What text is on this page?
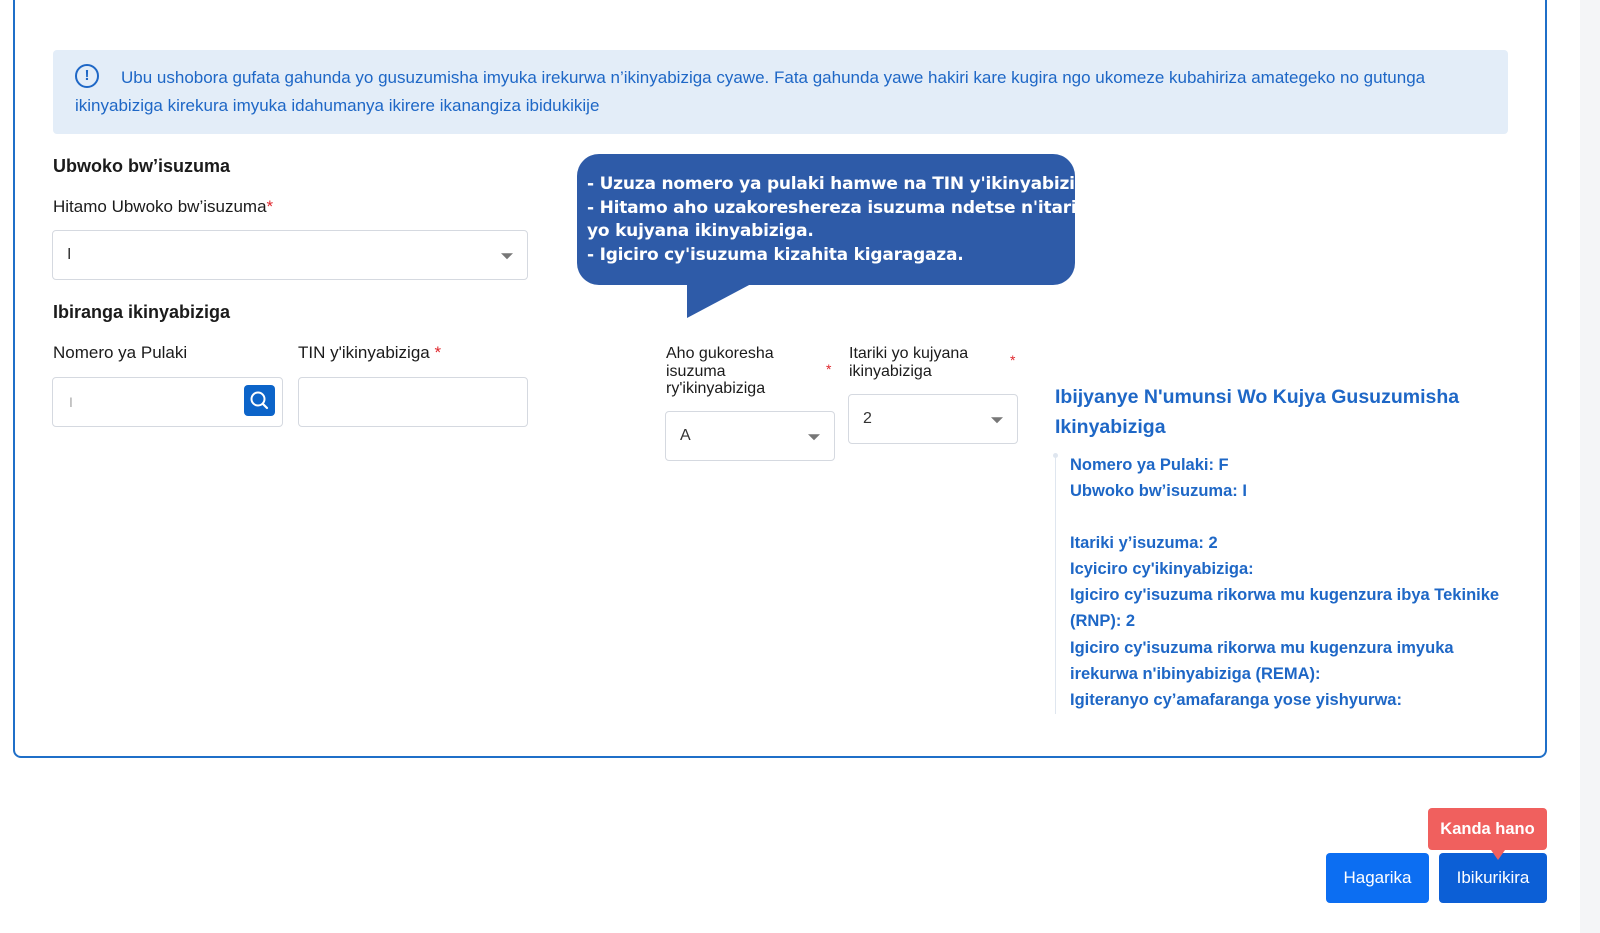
!	Ubu ushobora gufata gahunda yo gusuzumisha imyuka irekurwa n’ikinyabiziga cyawe. Fata gahunda yawe hakiri kare kugira ngo ukomeze kubahiriza amategeko no gutunga ikinyabiziga kirekura imyuka idahumanya ikirere ikanangiza ibidukikije
Ubwoko bw’isuzuma
Hitamo Ubwoko bw’isuzuma*
I
Ibiranga ikinyabiziga
Nomero ya Pulaki	TIN y'ikinyabiziga *
I
- Uzuza nomero ya pulaki hamwe na TIN y'ikinyabiziga.
- Hitamo aho uzakoreshereza isuzuma ndetse n'itariki
yo kujyana ikinyabiziga.
- Igiciro cy'isuzuma kizahita kigaragaza.
Aho gukoresha isuzuma ry'ikinyabiziga
*
A
Itariki yo kujyana ikinyabiziga
*
2
Ibijyanye N'umunsi Wo Kujya Gusuzumisha Ikinyabiziga
Nomero ya Pulaki: F
Ubwoko bw’isuzuma: I
Itariki y’isuzuma: 2
Icyiciro cy'ikinyabiziga:
Igiciro cy'isuzuma rikorwa mu kugenzura ibya Tekinike (RNP): 2
Igiciro cy'isuzuma rikorwa mu kugenzura imyuka irekurwa n'ibinyabiziga (REMA):
Igiteranyo cy’amafaranga yose yishyurwa:
Hagarika	Ibikurikira
Kanda hano
